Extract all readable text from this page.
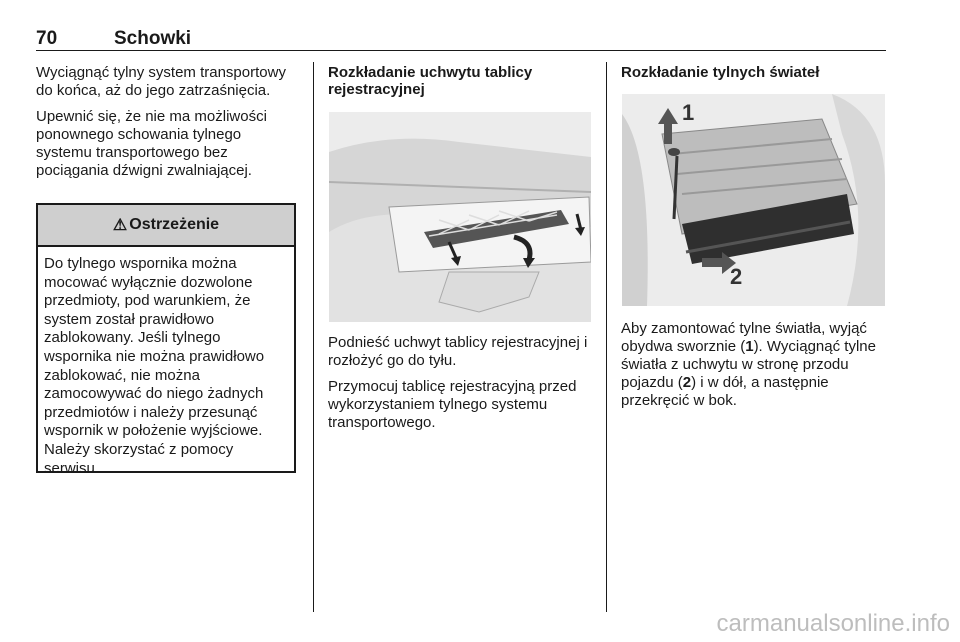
70	Schowki

Wyciągnąć tylny system transportowy do końca, aż do jego zatrzaśnięcia.

Upewnić się, że nie ma możliwości ponownego schowania tylnego systemu transportowego bez pociągania dźwigni zwalniającej.

⚠ Ostrzeżenie
Do tylnego wspornika można mocować wyłącznie dozwolone przedmioty, pod warunkiem, że system został prawidłowo zablokowany. Jeśli tylnego wspornika nie można prawidłowo zablokować, nie można zamocowywać do niego żadnych przedmiotów i należy przesunąć wspornik w położenie wyjściowe. Należy skorzystać z pomocy serwisu.
Rozkładanie uchwytu tablicy rejestracyjnej

Podnieść uchwyt tablicy rejestracyjnej i rozłożyć go do tyłu.

Przymocuj tablicę rejestracyjną przed wykorzystaniem tylnego systemu transportowego.

Rozkładanie tylnych świateł
1
2

Aby zamontować tylne światła, wyjąć obydwa sworznie (1). Wyciągnąć tylne światła z uchwytu w stronę przodu pojazdu (2) i w dół, a następnie przekręcić w bok.

carmanualsonline.info
